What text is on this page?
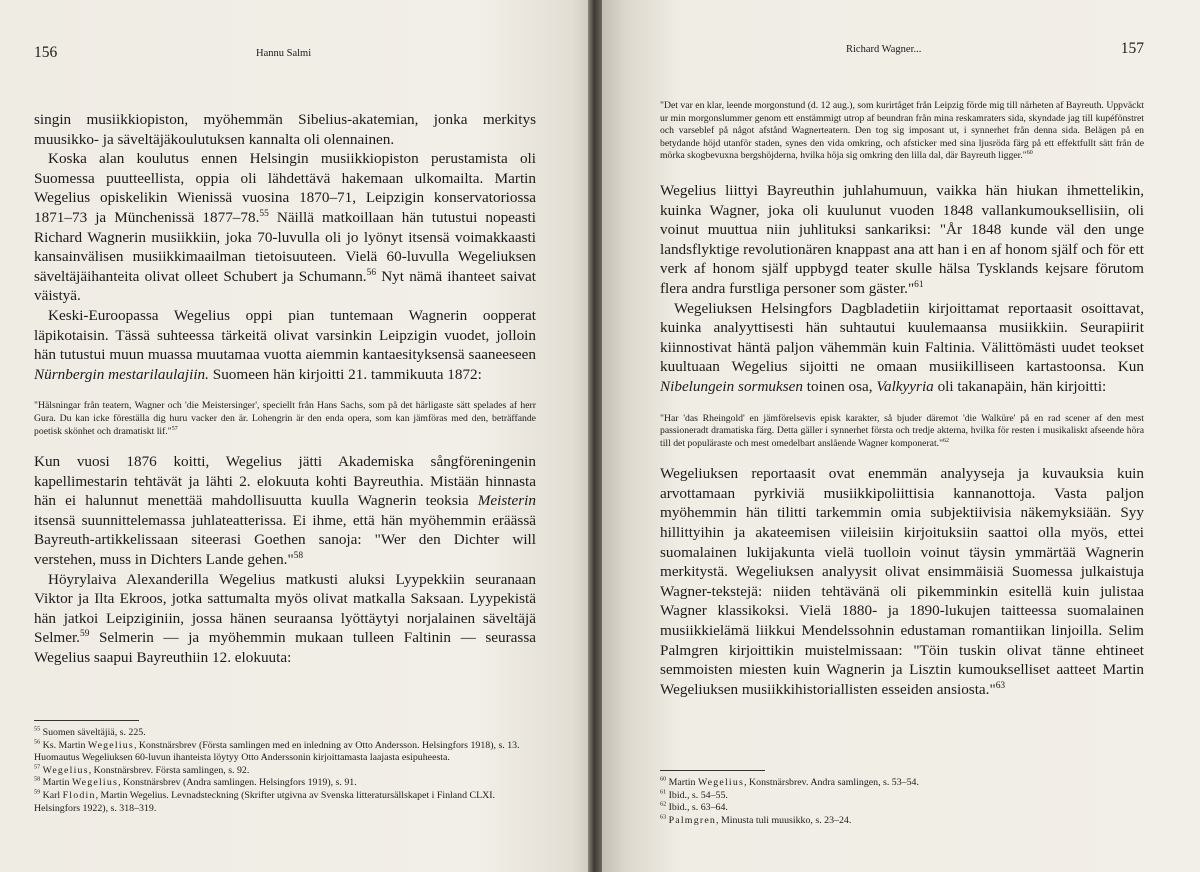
156	Hannu Salmi

singin musiikkiopiston, myöhemmän Sibelius-akatemian, jonka merkitys muusikko- ja säveltäjäkoulutuksen kannalta oli olennainen.

Koska alan koulutus ennen Helsingin musiikkiopiston perustamista oli Suomessa puutteellista, oppia oli lähdettävä hakemaan ulkomailta. Martin Wegelius opiskelikin Wienissä vuosina 1870–71, Leipzigin konservatoriossa 1871–73 ja Münchenissä 1877–78.55 Näillä matkoillaan hän tutustui nopeasti Richard Wagnerin musiikkiin, joka 70-luvulla oli jo lyönyt itsensä voimakkaasti kansainvälisen musiikkimaailman tietoisuuteen. Vielä 60-luvulla Wegeliuksen säveltäjäihanteita olivat olleet Schubert ja Schumann.$^{56}$ Nyt nämä ihanteet saivat väistyä.

Keski-Euroopassa Wegelius oppi pian tuntemaan Wagnerin oopperat läpikotaisin. Tässä suhteessa tärkeitä olivat varsinkin Leipzigin vuodet, jolloin hän tutustui muun muassa muutamaa vuotta aiemmin kantaesityksensä saaneeseen Nürnbergin mestarilaulajiin. Suomeen hän kirjoitti 21. tammikuuta 1872:

"Hälsningar från teatern, Wagner och 'die Meistersinger', speciellt från Hans Sachs, som på det härligaste sätt spelades af herr Gura. Du kan icke föreställa dig huru vacker den är. Lohengrin är den enda opera, som kan jämföras med den, beträffande poetisk skönhet och dramatiskt lif."$^{57}$

Kun vuosi 1876 koitti, Wegelius jätti Akademiska sångföreningenin kapellimestarin tehtävät ja lähti 2. elokuuta kohti Bayreuthia. Mistään hinnasta hän ei halunnut menettää mahdollisuutta kuulla Wagnerin teoksia Meisterin itsensä suunnittelemassa juhlateatterissa. Ei ihme, että hän myöhemmin eräässä Bayreuth-artikkelissaan siteerasi Goethen sanoja: "Wer den Dichter will verstehen, muss in Dichters Lande gehen."$^{58}$

Höyrylaiva Alexanderilla Wegelius matkusti aluksi Lyypekkiin seuranaan Viktor ja Ilta Ekroos, jotka sattumalta myös olivat matkalla Saksaan. Lyypekistä hän jatkoi Leipziginiin, jossa hänen seuraansa lyöttäytyi norjalainen säveltäjä Selmer.$^{59}$ Selmerin — ja myöhemmin mukaan tulleen Faltinin — seurassa Wegelius saapui Bayreuthiin 12. elokuuta:

$^{55}$ Suomen säveltäjiä, s. 225.
$^{56}$ Ks. Martin Wegelius, Konstnärsbrev (Första samlingen med en inledning av Otto Andersson. Helsingfors 1918), s. 13. Huomautus Wegeliuksen 60-luvun ihanteista löytyy Otto Anderssonin kirjoittamasta laajasta esipuheesta.
$^{57}$ Wegelius, Konstnärsbrev. Första samlingen, s. 92.
$^{58}$ Martin Wegelius, Konstnärsbrev (Andra samlingen. Helsingfors 1919), s. 91.
$^{59}$ Karl Flodin, Martin Wegelius. Levnadsteckning (Skrifter utgivna av Svenska litteratursällskapet i Finland CLXI. Helsingfors 1922), s. 318–319.
Richard Wagner...	157
"Det var en klar, leende morgonstund (d. 12 aug.), som kurirtåget från Leipzig förde mig till närheten af Bayreuth. Uppväckt ur min morgonslummer genom ett enstämmigt utrop af beundran från mina reskamraters sida, skyndade jag till kupéfönstret och varseblef på något afstånd Wagnerteatern. Den tog sig imposant ut, i synnerhet från denna sida. Belägen på en betydande höjd utanför staden, synes den vida omkring, och afsticker med sina ljusröda färg på ett effektfullt sätt från de mörka skogbevuxna bergshöjderna, hvilka höja sig omkring den lilla dal, där Bayreuth ligger."$^{60}$

Wegelius liittyi Bayreuthin juhlahumuun, vaikka hän hiukan ihmettelikin, kuinka Wagner, joka oli kuulunut vuoden 1848 vallankumouksellisiin, oli voinut muuttua niin juhlituksi sankariksi: "År 1848 kunde väl den unge landsflyktige revolutionären knappast ana att han i en af honom själf och för ett verk af honom själf uppbygd teater skulle hälsa Tysklands kejsare förutom flera andra furstliga personer som gäster."$^{61}$

Wegeliuksen Helsingfors Dagbladetiin kirjoittamat reportaasit osoittavat, kuinka analyyttisesti hän suhtautui kuulemaansa musiikkiin. Seurapiirit kiinnostivat häntä paljon vähemmän kuin Faltinia. Välittömästi uudet teokset kuultuaan Wegelius sijoitti ne omaan musiikilliseen kartastoonsa. Kun Nibelungein sormuksen toinen osa, Valkyyria oli takanapäin, hän kirjoitti:

"Har 'das Rheingold' en jämförelsevis episk karakter, så bjuder däremot 'die Walküre' på en rad scener af den mest passioneradt dramatiska färg. Detta gäller i synnerhet första och tredje akterna, hvilka för resten i musikaliskt afseende höra till det populäraste och mest omedelbart anslående Wagner komponerat."$^{62}$

Wegeliuksen reportaasit ovat enemmän analyyseja ja kuvauksia kuin arvottamaan pyrkiviä musiikkipoliittisia kannanottoja. Vasta paljon myöhemmin hän tilitti tarkemmin omia subjektiivisia näkemyksiään. Syy hillittyihin ja akateemisen viileisiin kirjoituksiin saattoi olla myös, ettei suomalainen lukijakunta vielä tuolloin voinut täysin ymmärtää Wagnerin merkitystä. Wegeliuksen analyysit olivat ensimmäisiä Suomessa julkaistuja Wagner-tekstejä: niiden tehtävänä oli pikemminkin esitellä kuin julistaa Wagner klassikoksi. Vielä 1880- ja 1890-lukujen taitteessa suomalainen musiikkielämä liikkui Mendelssohnin edustaman romantiikan linjoilla. Selim Palmgren kirjoittikin muistelmissaan: "Töin tuskin olivat tänne ehtineet semmoisten miesten kuin Wagnerin ja Lisztin kumoukselliset aatteet Martin Wegeliuksen musiikkihistoriallisten esseiden ansiosta."$^{63}$

$^{60}$ Martin Wegelius, Konstnärsbrev. Andra samlingen, s. 53–54.
$^{61}$ Ibid., s. 54–55.
$^{62}$ Ibid., s. 63–64.
$^{63}$ Palmgren, Minusta tuli muusikko, s. 23–24.
